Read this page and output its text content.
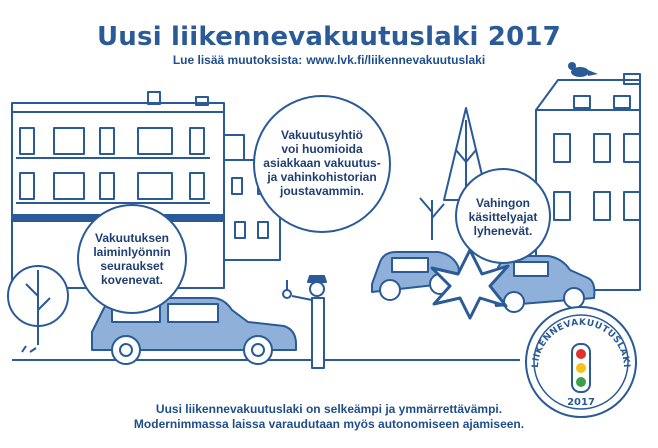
Uusi liikennevakuutuslaki 2017
Lue lisää muutoksista: www.lvk.fi/liikennevakuutuslaki
LIIKENNEVAKUUTUSLAKI
2017
Vakuutusyhtiö
voi huomioida
asiakkaan vakuutus-
ja vahinkohistorian
joustavammin.
Vakuutuksen
laiminlyönnin
seuraukset
kovenevat.
Vahingon
käsittelyajat
lyhenevät.
Uusi liikennevakuutuslaki on selkeämpi ja ymmärrettävämpi.
Modernimmassa laissa varaudutaan myös autonomiseen ajamiseen.
